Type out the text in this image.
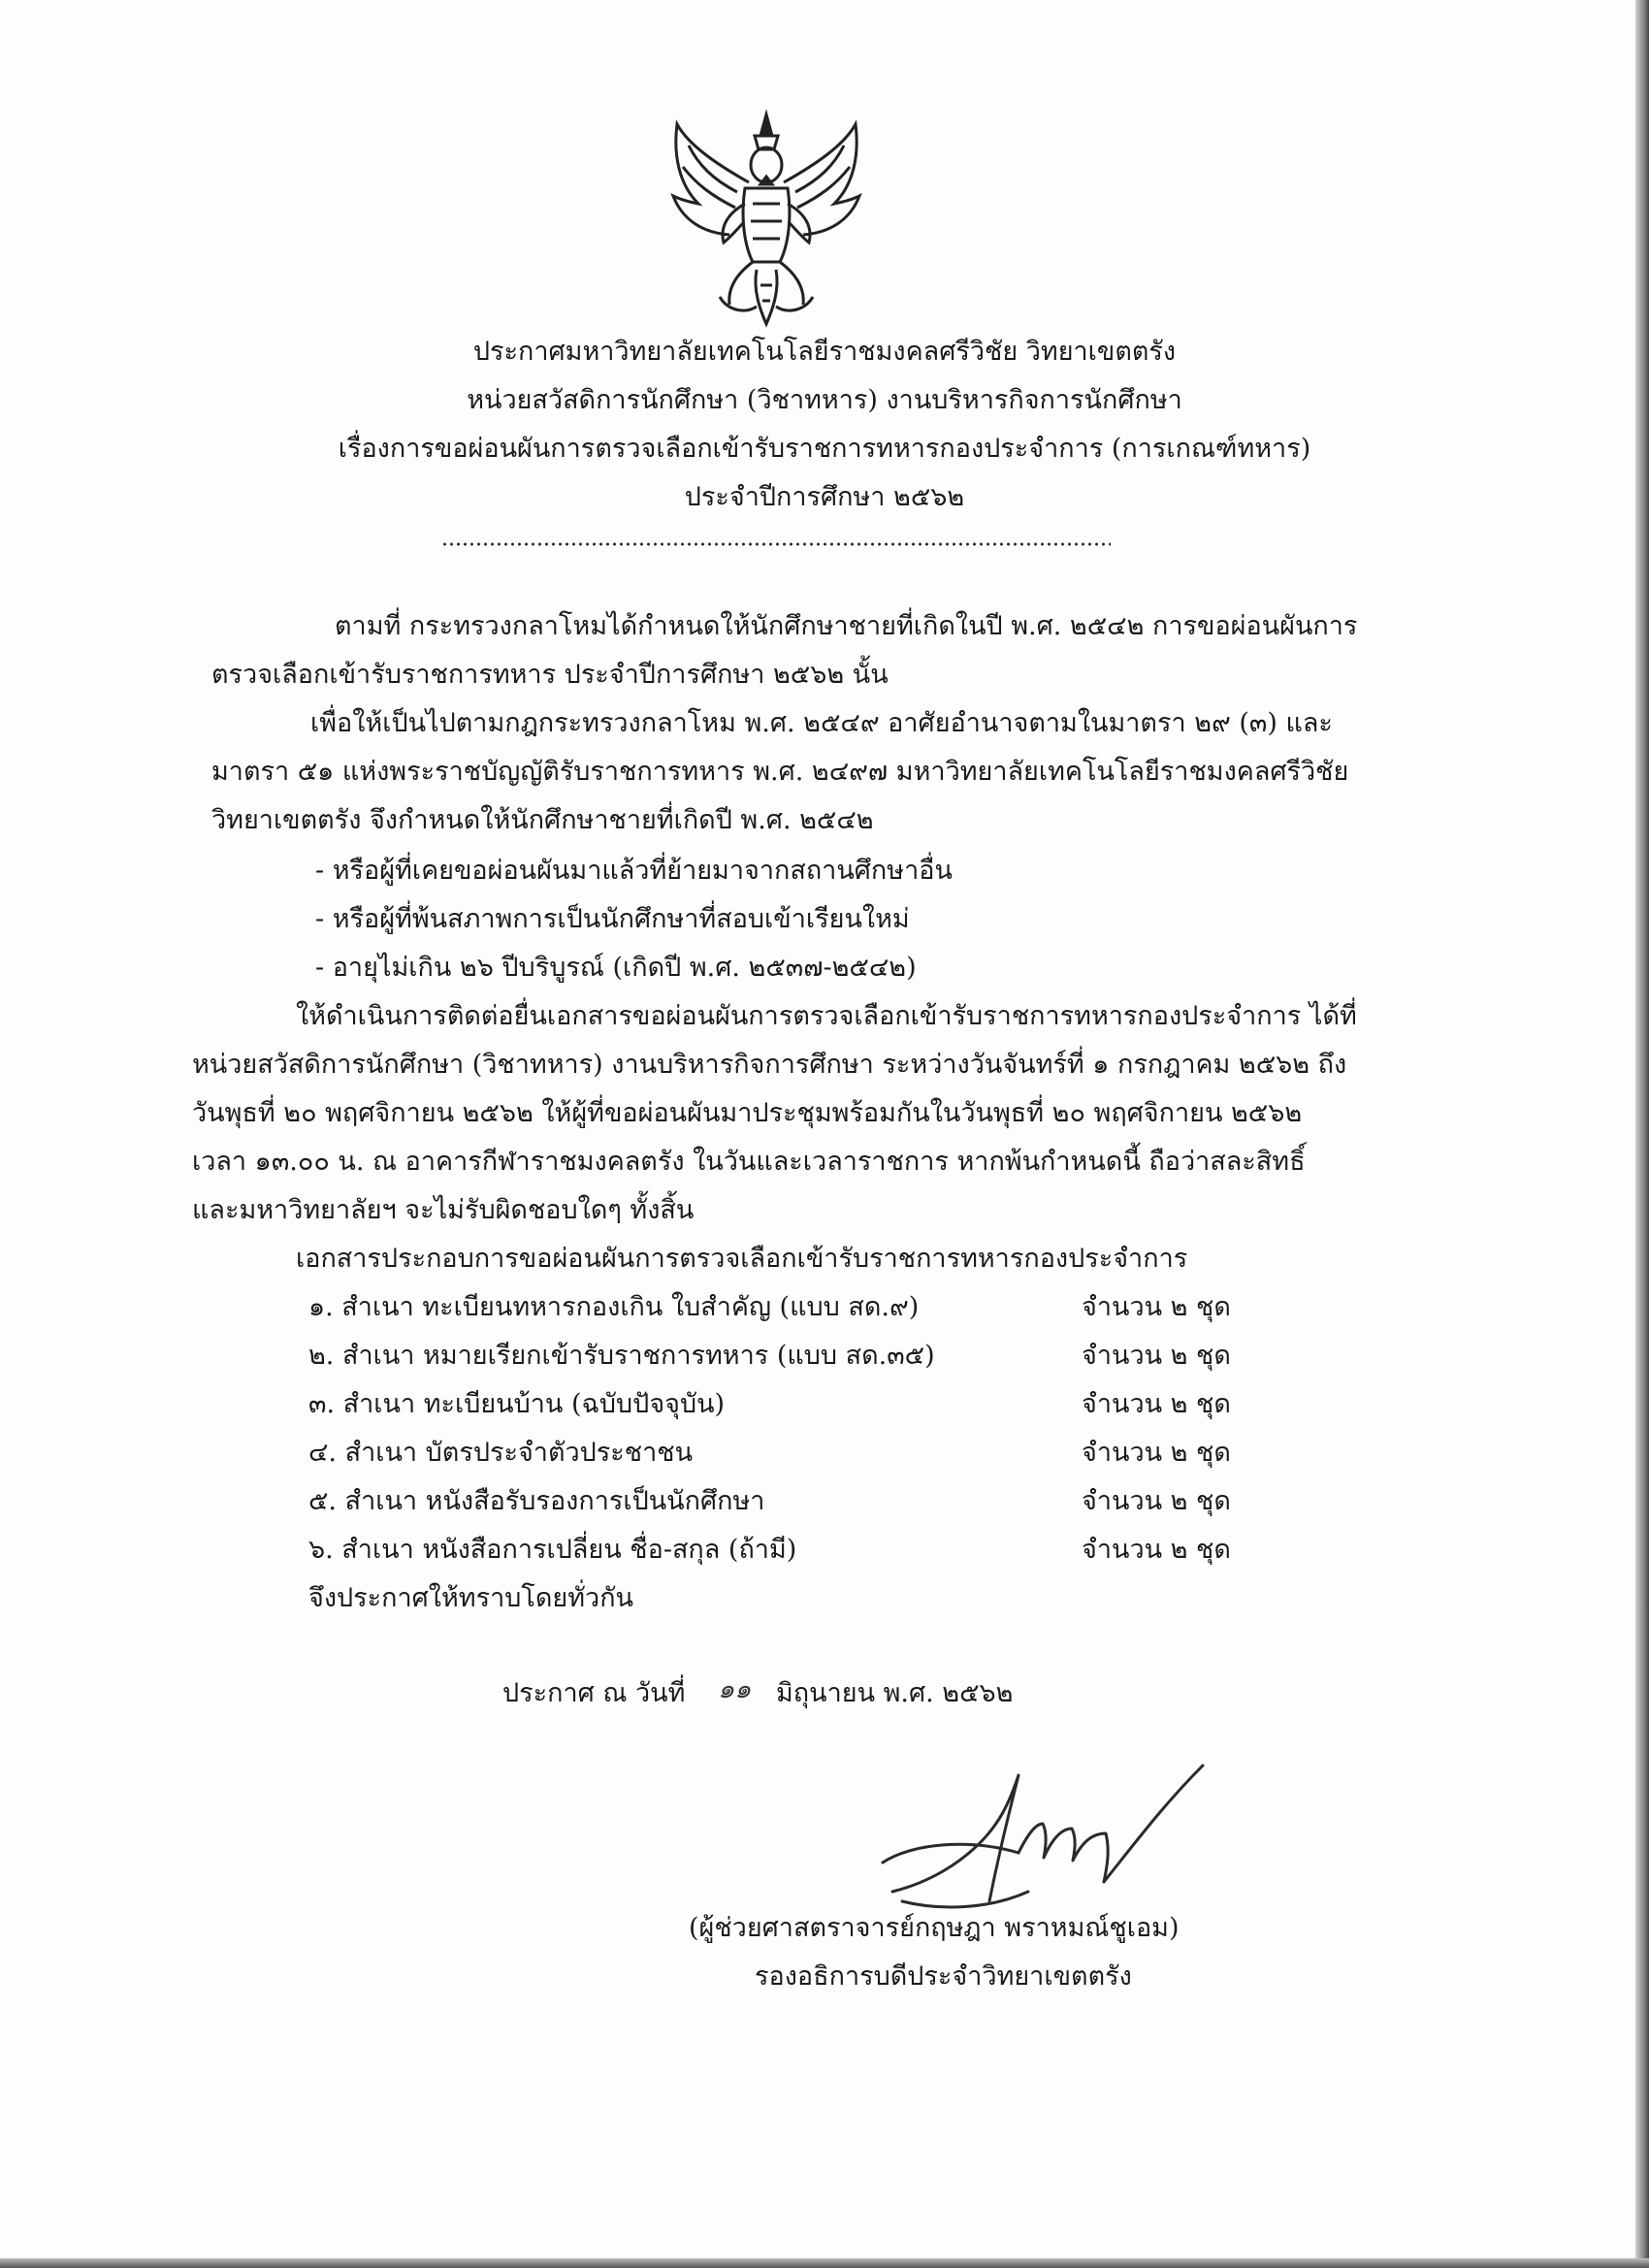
ประกาศมหาวิทยาลัยเทคโนโลยีราชมงคลศรีวิชัย วิทยาเขตตรัง
หน่วยสวัสดิการนักศึกษา (วิชาทหาร) งานบริหารกิจการนักศึกษา
เรื่องการขอผ่อนผันการตรวจเลือกเข้ารับราชการทหารกองประจำการ (การเกณฑ์ทหาร)
ประจำปีการศึกษา ๒๕๖๒
ตามที่ กระทรวงกลาโหมได้กำหนดให้นักศึกษาชายที่เกิดในปี พ.ศ. ๒๕๔๒ การขอผ่อนผันการ
ตรวจเลือกเข้ารับราชการทหาร ประจำปีการศึกษา ๒๕๖๒ นั้น
เพื่อให้เป็นไปตามกฎกระทรวงกลาโหม พ.ศ. ๒๕๔๙ อาศัยอำนาจตามในมาตรา ๒๙ (๓) และ
มาตรา ๕๑ แห่งพระราชบัญญัติรับราชการทหาร พ.ศ. ๒๔๙๗ มหาวิทยาลัยเทคโนโลยีราชมงคลศรีวิชัย
วิทยาเขตตรัง จึงกำหนดให้นักศึกษาชายที่เกิดปี พ.ศ. ๒๕๔๒
- หรือผู้ที่เคยขอผ่อนผันมาแล้วที่ย้ายมาจากสถานศึกษาอื่น
- หรือผู้ที่พ้นสภาพการเป็นนักศึกษาที่สอบเข้าเรียนใหม่
- อายุไม่เกิน ๒๖ ปีบริบูรณ์ (เกิดปี พ.ศ. ๒๕๓๗-๒๕๔๒)
ให้ดำเนินการติดต่อยื่นเอกสารขอผ่อนผันการตรวจเลือกเข้ารับราชการทหารกองประจำการ ได้ที่
หน่วยสวัสดิการนักศึกษา (วิชาทหาร) งานบริหารกิจการศึกษา ระหว่างวันจันทร์ที่ ๑ กรกฎาคม ๒๕๖๒ ถึง
วันพุธที่ ๒๐ พฤศจิกายน ๒๕๖๒ ให้ผู้ที่ขอผ่อนผันมาประชุมพร้อมกันในวันพุธที่ ๒๐ พฤศจิกายน ๒๕๖๒
เวลา ๑๓.๐๐ น. ณ อาคารกีฬาราชมงคลตรัง ในวันและเวลาราชการ หากพ้นกำหนดนี้ ถือว่าสละสิทธิ์
และมหาวิทยาลัยฯ จะไม่รับผิดชอบใดๆ ทั้งสิ้น
เอกสารประกอบการขอผ่อนผันการตรวจเลือกเข้ารับราชการทหารกองประจำการ
๑. สำเนา ทะเบียนทหารกองเกิน ใบสำคัญ (แบบ สด.๙)	จำนวน ๒ ชุด
๒. สำเนา หมายเรียกเข้ารับราชการทหาร (แบบ สด.๓๕)	จำนวน ๒ ชุด
๓. สำเนา ทะเบียนบ้าน (ฉบับปัจจุบัน)	จำนวน ๒ ชุด
๔. สำเนา บัตรประจำตัวประชาชน	จำนวน ๒ ชุด
๕. สำเนา หนังสือรับรองการเป็นนักศึกษา	จำนวน ๒ ชุด
๖. สำเนา หนังสือการเปลี่ยน ชื่อ-สกุล (ถ้ามี)	จำนวน ๒ ชุด
จึงประกาศให้ทราบโดยทั่วกัน
ประกาศ ณ วันที่ ๑๑ มิถุนายน พ.ศ. ๒๕๖๒
(ผู้ช่วยศาสตราจารย์กฤษฎา พราหมณ์ชูเอม)
รองอธิการบดีประจำวิทยาเขตตรัง
